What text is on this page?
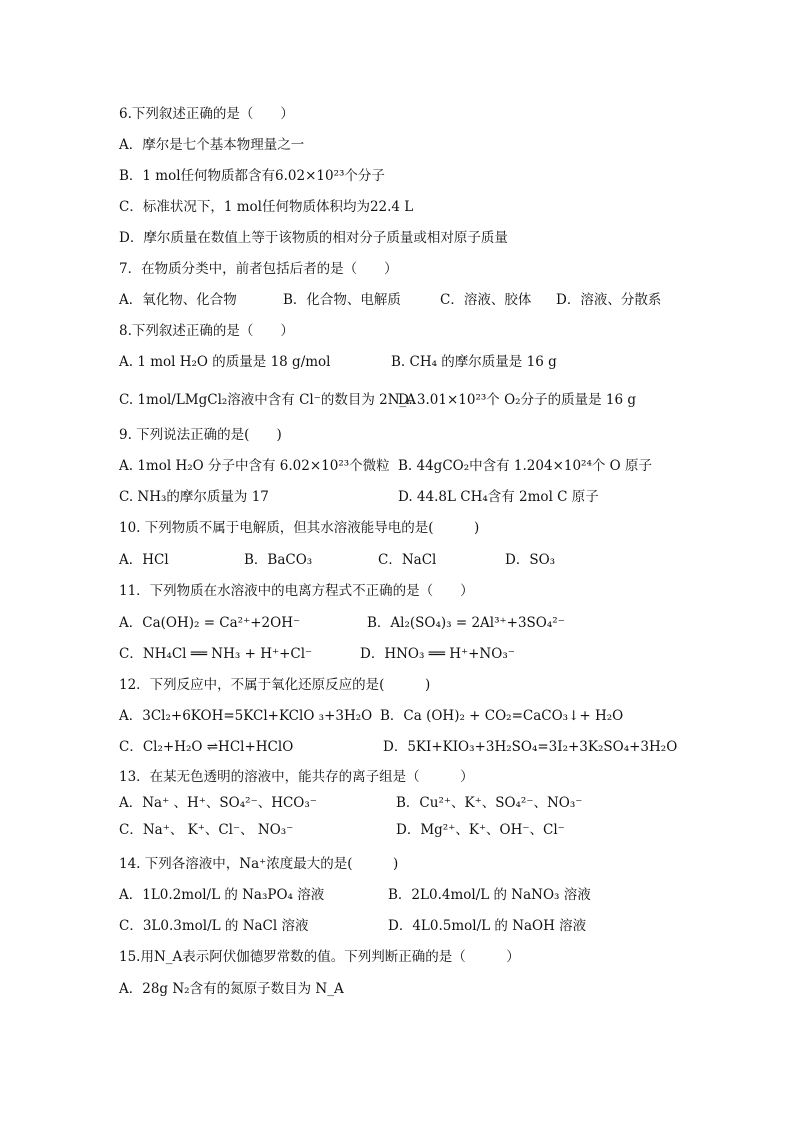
6.下列叙述正确的是（　　）
A．摩尔是七个基本物理量之一
B．1 mol任何物质都含有6.02×10²³个分子
C．标准状况下，1 mol任何物质体积均为22.4 L
D．摩尔质量在数值上等于该物质的相对分子质量或相对原子质量
7．在物质分类中，前者包括后者的是（　　）
A．氧化物、化合物	B．化合物、电解质	C．溶液、胶体 D．溶液、分散系
8.下列叙述正确的是（　　）
A. 1 mol H₂O 的质量是 18 g/mol	B. CH₄ 的摩尔质量是 16 g
C. 1mol/LMgCl₂溶液中含有 Cl⁻的数目为 2N_A
D. 3.01×10²³个 O₂分子的质量是 16 g
9. 下列说法正确的是(　　)
A. 1mol H₂O 分子中含有 6.02×10²³个微粒 B. 44gCO₂中含有 1.204×10²⁴个 O 原子
C. NH₃的摩尔质量为 17	D. 44.8L CH₄含有 2mol C 原子
10. 下列物质不属于电解质，但其水溶液能导电的是(　　　)
A．HCl	B．BaCO₃	C．NaCl	D．SO₃
11．下列物质在水溶液中的电离方程式不正确的是（　　）
A．Ca(OH)₂ = Ca²⁺+2OH⁻	B．Al₂(SO₄)₃ = 2Al³⁺+3SO₄²⁻
C．NH₄Cl ══ NH₃ + H⁺+Cl⁻	D．HNO₃ ══ H⁺+NO₃⁻
12．下列反应中，不属于氧化还原反应的是(　　　)
A．3Cl₂+6KOH=5KCl+KClO ₃+3H₂O B．Ca (OH)₂ + CO₂=CaCO₃↓+ H₂O
C．Cl₂+H₂O ⇌HCl+HClO	D．5KI+KIO₃+3H₂SO₄=3I₂+3K₂SO₄+3H₂O
13．在某无色透明的溶液中，能共存的离子组是（　　　）
A．Na⁺ 、H⁺、SO₄²⁻、HCO₃⁻	B．Cu²⁺、K⁺、SO₄²⁻、NO₃⁻
C．Na⁺、 K⁺、Cl⁻、 NO₃⁻	D．Mg²⁺、K⁺、OH⁻、Cl⁻
14. 下列各溶液中，Na⁺浓度最大的是(　　　)
A．1L0.2mol/L 的 Na₃PO₄ 溶液	B．2L0.4mol/L 的 NaNO₃ 溶液
C．3L0.3mol/L 的 NaCl 溶液	D．4L0.5mol/L 的 NaOH 溶液
15.用N_A表示阿伏伽德罗常数的值。下列判断正确的是（　　　）
A．28g N₂含有的氮原子数目为 N_A
